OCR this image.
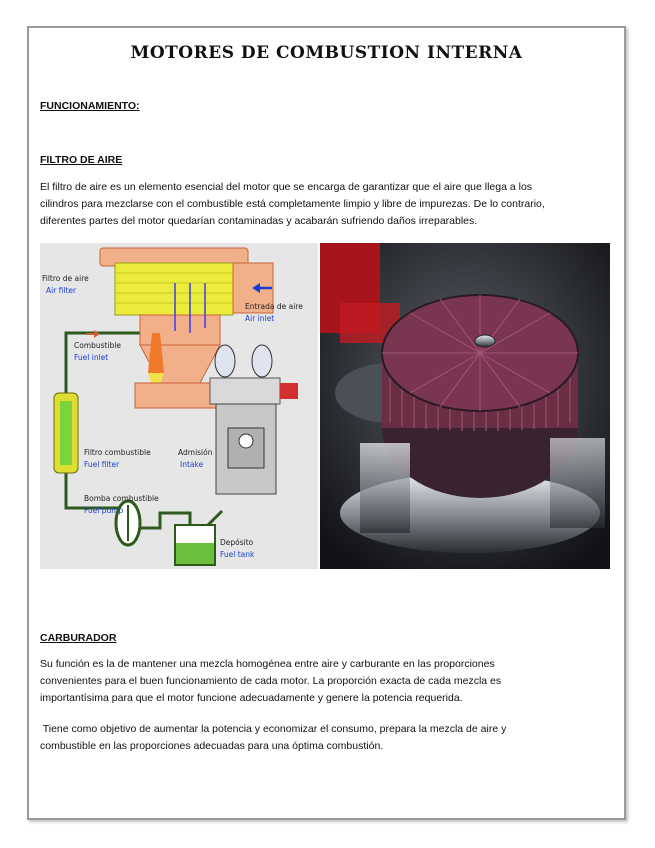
MOTORES DE COMBUSTION INTERNA

FUNCIONAMIENTO:

FILTRO DE AIRE

El filtro de aire es un elemento esencial del motor que se encarga de garantizar que el aire que llega a los
cilindros para mezclarse con el combustible está completamente limpio y libre de impurezas. De lo contrario,
diferentes partes del motor quedarían contaminadas y acabarán sufriendo daños irreparables.

Filtro de aire
Air filter
Entrada de aire
Air inlet
Combustible
Fuel inlet
Filtro combustible
Fuel filter
Admisión
Intake
Bomba combustible
Fuel pump
Depósito
Fuel tank

CARBURADOR

Su función es la de mantener una mezcla homogénea entre aire y carburante en las proporciones
convenientes para el buen funcionamiento de cada motor. La proporción exacta de cada mezcla es
importantísima para que el motor funcione adecuadamente y genere la potencia requerida.

Tiene como objetivo de aumentar la potencia y economizar el consumo, prepara la mezcla de aire y
combustible en las proporciones adecuadas para una óptima combustión.
